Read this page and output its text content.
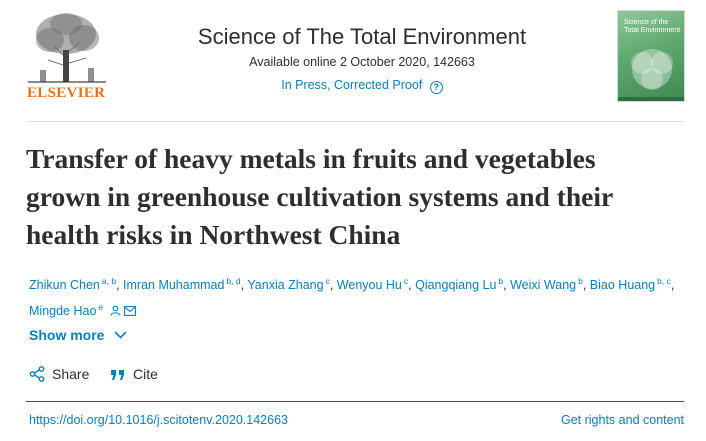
ELSEVIER
Science of The Total Environment
Available online 2 October 2020, 142663
In Press, Corrected Proof ?
Science of the
Total Environment
Transfer of heavy metals in fruits and vegetables grown in greenhouse cultivation systems and their health risks in Northwest China
Zhikun Chen $^{a, b}$, Imran Muhammad $^{b, d}$, Yanxia Zhang $^c$, Wenyou Hu $^c$, Qiangqiang Lu $^b$, Weixi Wang $^b$, Biao Huang $^{b, c}$, Mingde Hao $^e$
Show more
Share	Cite
https://doi.org/10.1016/j.scitotenv.2020.142663	Get rights and content
